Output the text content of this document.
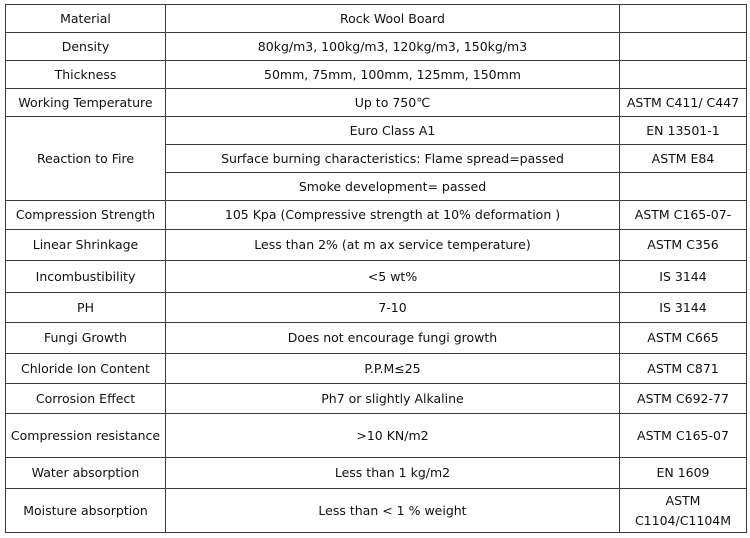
Material	Rock Wool Board	
Density	80kg/m3, 100kg/m3, 120kg/m3, 150kg/m3	
Thickness	50mm, 75mm, 100mm, 125mm, 150mm	
Working Temperature	Up to 750℃	ASTM C411/ C447
Reaction to Fire	Euro Class A1	EN 13501-1
	Surface burning characteristics: Flame spread=passed	ASTM E84
	Smoke development= passed	
Compression Strength	105 Kpa (Compressive strength at 10% deformation )	ASTM C165-07-
Linear Shrinkage	Less than 2% (at m ax service temperature)	ASTM C356
Incombustibility	<5 wt%	IS 3144
PH	7-10	IS 3144
Fungi Growth	Does not encourage fungi growth	ASTM C665
Chloride Ion Content	P.P.M≤25	ASTM C871
Corrosion Effect	Ph7 or slightly Alkaline	ASTM C692-77
Compression resistance	>10 KN/m2	ASTM C165-07
Water absorption	Less than 1 kg/m2	EN 1609
Moisture absorption	Less than < 1 % weight	ASTM C1104/C1104M
